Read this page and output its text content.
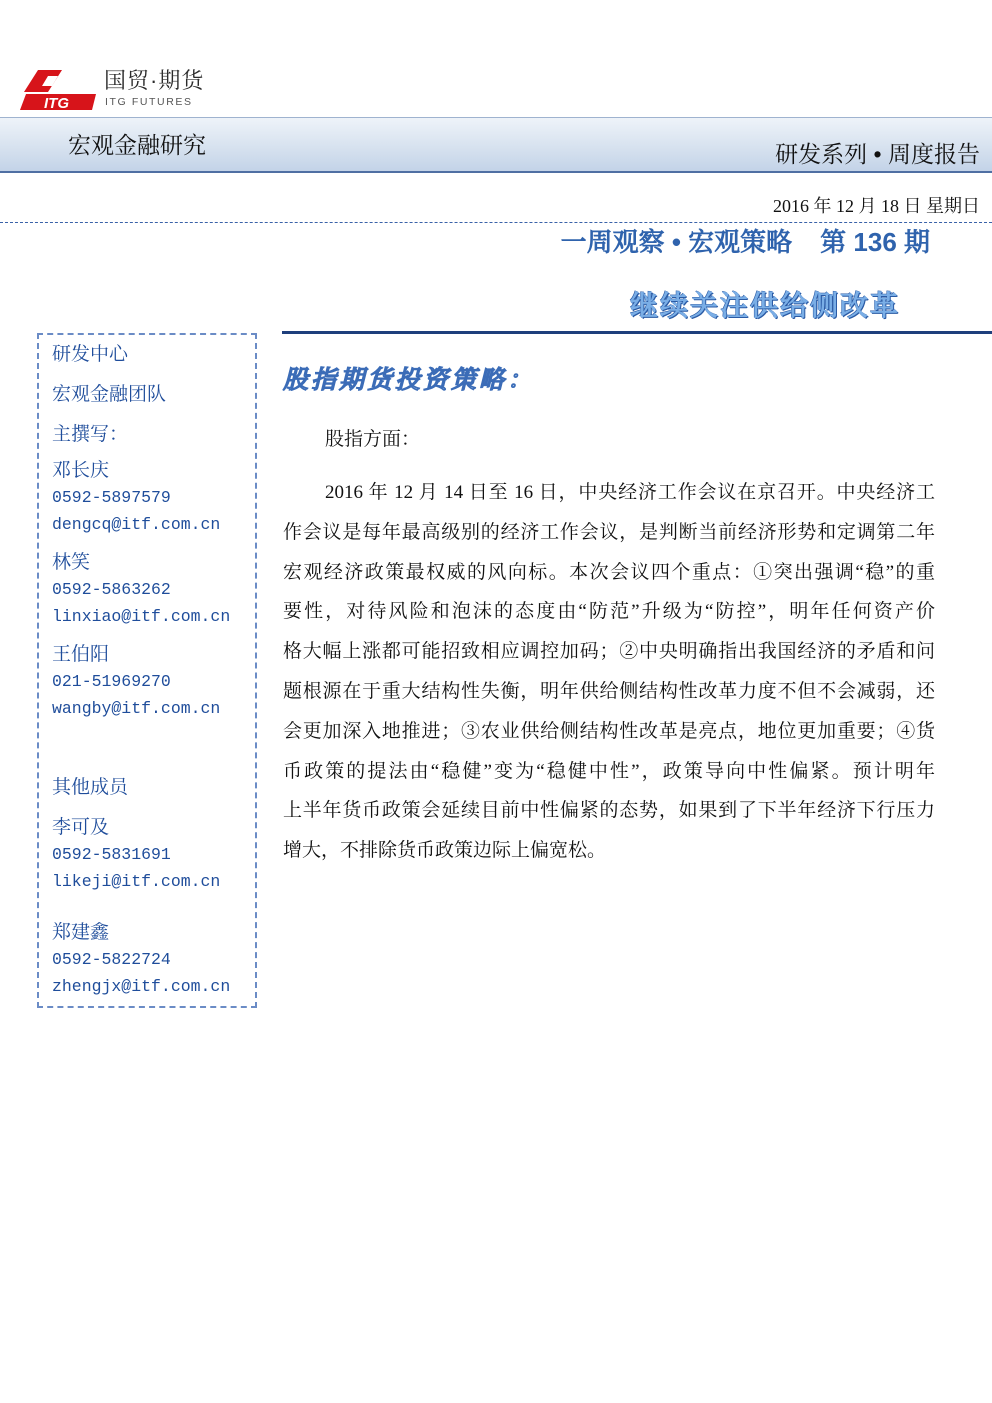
ITG
国贸·期货
ITG FUTURES
宏观金融研究	研发系列 • 周度报告
2016 年 12 月 18 日 星期日
一周观察 • 宏观策略 第 136 期
继续关注供给侧改革
研发中心
宏观金融团队
主撰写：
邓长庆
0592-5897579
dengcq@itf.com.cn
林笑
0592-5863262
linxiao@itf.com.cn
王伯阳
021-51969270
wangby@itf.com.cn
其他成员
李可及
0592-5831691
likeji@itf.com.cn
郑建鑫
0592-5822724
zhengjx@itf.com.cn
股指期货投资策略：
股指方面：
2016 年 12 月 14 日至 16 日，中央经济工作会议在京召开。中央经济工
作会议是每年最高级别的经济工作会议，是判断当前经济形势和定调第二年
宏观经济政策最权威的风向标。本次会议四个重点：①突出强调“稳”的重
要性，对待风险和泡沫的态度由“防范”升级为“防控”，明年任何资产价
格大幅上涨都可能招致相应调控加码；②中央明确指出我国经济的矛盾和问
题根源在于重大结构性失衡，明年供给侧结构性改革力度不但不会减弱，还
会更加深入地推进；③农业供给侧结构性改革是亮点，地位更加重要；④货
币政策的提法由“稳健”变为“稳健中性”，政策导向中性偏紧。预计明年
上半年货币政策会延续目前中性偏紧的态势，如果到了下半年经济下行压力
增大，不排除货币政策边际上偏宽松。
